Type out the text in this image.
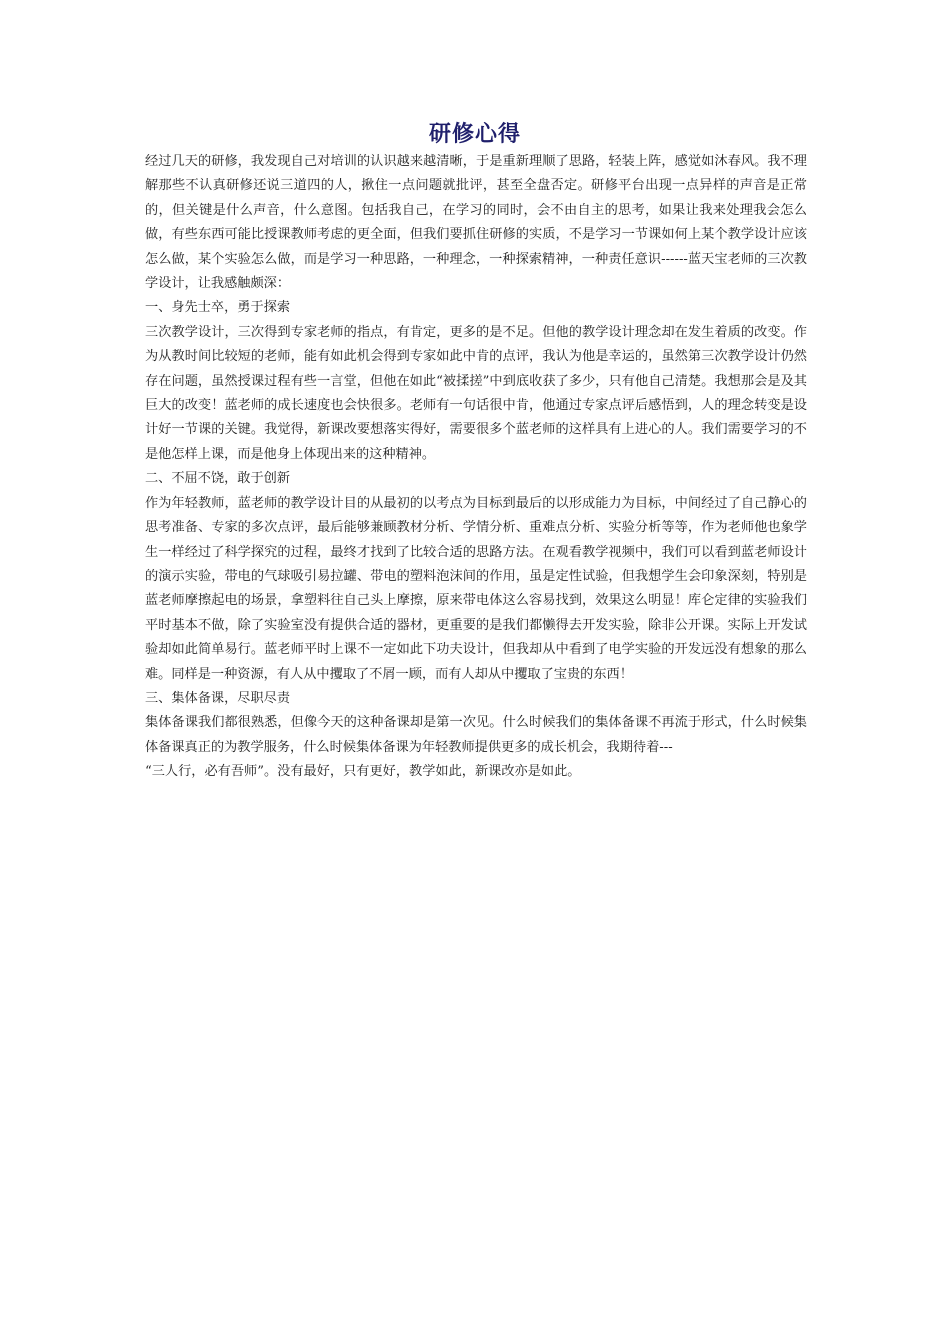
研修心得

经过几天的研修，我发现自己对培训的认识越来越清晰，于是重新理顺了思路，轻装上阵，感觉如沐春风。我不理解那些不认真研修还说三道四的人，揪住一点问题就批评，甚至全盘否定。研修平台出现一点异样的声音是正常的，但关键是什么声音，什么意图。包括我自己，在学习的同时，会不由自主的思考，如果让我来处理我会怎么做，有些东西可能比授课教师考虑的更全面，但我们要抓住研修的实质，不是学习一节课如何上某个教学设计应该怎么做，某个实验怎么做，而是学习一种思路，一种理念，一种探索精神，一种责任意识------蓝天宝老师的三次教学设计，让我感触颇深：

一、身先士卒，勇于探索

三次教学设计，三次得到专家老师的指点，有肯定，更多的是不足。但他的教学设计理念却在发生着质的改变。作为从教时间比较短的老师，能有如此机会得到专家如此中肯的点评，我认为他是幸运的，虽然第三次教学设计仍然存在问题，虽然授课过程有些一言堂，但他在如此“被揉搓”中到底收获了多少，只有他自己清楚。我想那会是及其巨大的改变！蓝老师的成长速度也会快很多。老师有一句话很中肯，他通过专家点评后感悟到，人的理念转变是设计好一节课的关键。我觉得，新课改要想落实得好，需要很多个蓝老师的这样具有上进心的人。我们需要学习的不是他怎样上课，而是他身上体现出来的这种精神。

二、不屈不饶，敢于创新

作为年轻教师，蓝老师的教学设计目的从最初的以考点为目标到最后的以形成能力为目标，中间经过了自己静心的思考准备、专家的多次点评，最后能够兼顾教材分析、学情分析、重难点分析、实验分析等等，作为老师他也象学生一样经过了科学探究的过程，最终才找到了比较合适的思路方法。在观看教学视频中，我们可以看到蓝老师设计的演示实验，带电的气球吸引易拉罐、带电的塑料泡沫间的作用，虽是定性试验，但我想学生会印象深刻，特别是蓝老师摩擦起电的场景，拿塑料往自己头上摩擦，原来带电体这么容易找到，效果这么明显！库仑定律的实验我们平时基本不做，除了实验室没有提供合适的器材，更重要的是我们都懒得去开发实验，除非公开课。实际上开发试验却如此简单易行。蓝老师平时上课不一定如此下功夫设计，但我却从中看到了电学实验的开发远没有想象的那么难。同样是一种资源，有人从中攫取了不屑一顾，而有人却从中攫取了宝贵的东西！

三、集体备课，尽职尽责

集体备课我们都很熟悉，但像今天的这种备课却是第一次见。什么时候我们的集体备课不再流于形式，什么时候集体备课真正的为教学服务，什么时候集体备课为年轻教师提供更多的成长机会，我期待着---

“三人行，必有吾师”。没有最好，只有更好，教学如此，新课改亦是如此。
